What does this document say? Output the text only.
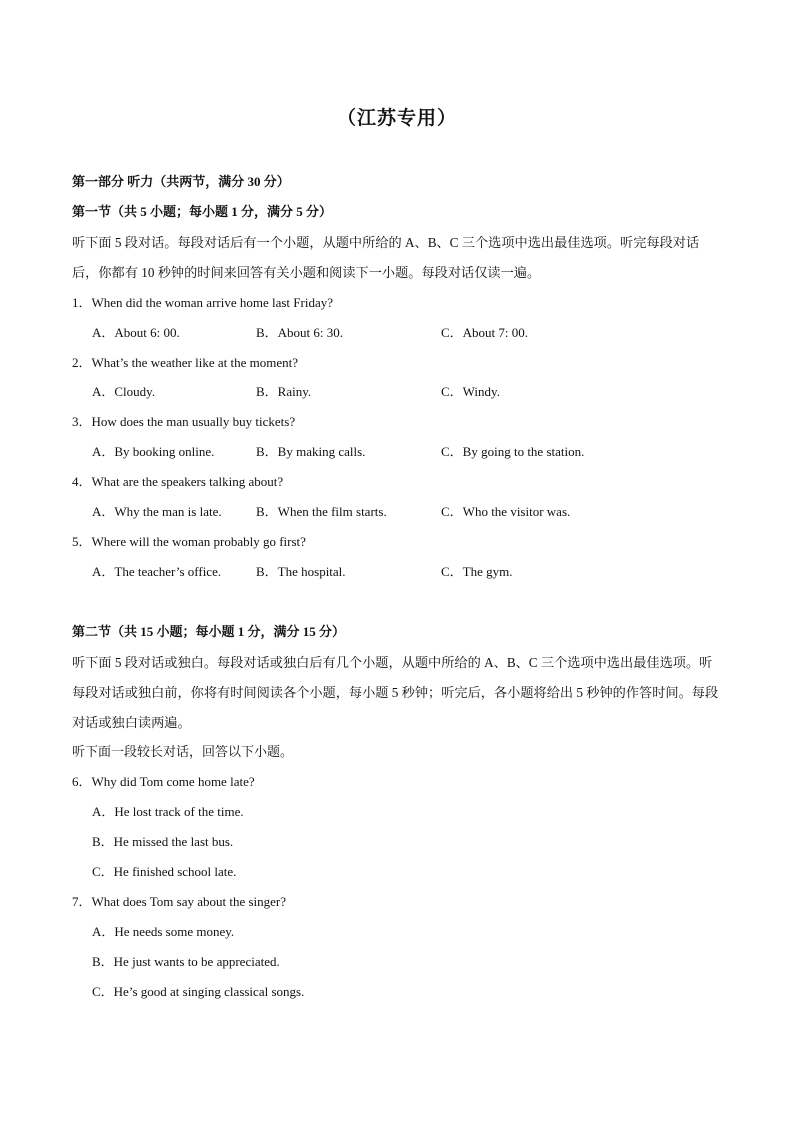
（江苏专用）
第一部分 听力（共两节，满分 30 分）
第一节（共 5 小题；每小题 1 分，满分 5 分）
听下面 5 段对话。每段对话后有一个小题，从题中所给的 A、B、C 三个选项中选出最佳选项。听完每段对话后，你都有 10 秒钟的时间来回答有关小题和阅读下一小题。每段对话仅读一遍。
1．When did the woman arrive home last Friday?
A．About 6: 00.	B．About 6: 30.	C．About 7: 00.
2．What’s the weather like at the moment?
A．Cloudy.	B．Rainy.	C．Windy.
3．How does the man usually buy tickets?
A．By booking online.	B．By making calls.	C．By going to the station.
4．What are the speakers talking about?
A．Why the man is late.	B．When the film starts.	C．Who the visitor was.
5．Where will the woman probably go first?
A．The teacher’s office.	B．The hospital.	C．The gym.
第二节（共 15 小题；每小题 1 分，满分 15 分）
听下面 5 段对话或独白。每段对话或独白后有几个小题，从题中所给的 A、B、C 三个选项中选出最佳选项。听每段对话或独白前，你将有时间阅读各个小题，每小题 5 秒钟；听完后，各小题将给出 5 秒钟的作答时间。每段对话或独白读两遍。
听下面一段较长对话，回答以下小题。
6．Why did Tom come home late?
A．He lost track of the time.
B．He missed the last bus.
C．He finished school late.
7．What does Tom say about the singer?
A．He needs some money.
B．He just wants to be appreciated.
C．He’s good at singing classical songs.
